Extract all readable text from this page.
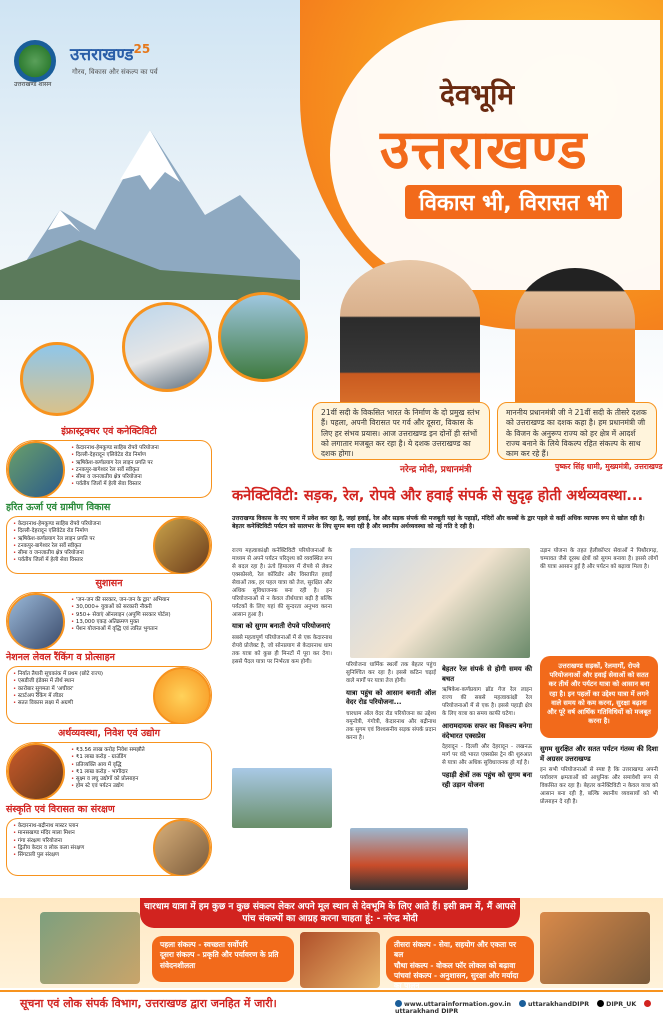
उत्तराखण्ड शासन
उत्तराखण्ड$^{25}$
गौरव, विकास और संकल्प का पर्व
देवभूमि
उत्तराखण्ड
विकास भी, विरासत भी
21वीं सदी के विकसित भारत के निर्माण के दो प्रमुख स्तंभ हैं। पहला, अपनी विरासत पर गर्व और दूसरा, विकास के लिए हर संभव प्रयास। आज उत्तराखण्ड इन दोनों ही स्तंभों को लगातार मजबूत कर रहा है। ये दशक उत्तराखण्ड का दशक होगा।
माननीय प्रधानमंत्री जी ने 21वीं सदी के तीसरे दशक को उत्तराखण्ड का दशक कहा है। हम प्रधानमंत्री जी के विजन के अनुरूप राज्य को हर क्षेत्र में आदर्श राज्य बनाने के लिये विकल्प रहित संकल्प के साथ काम कर रहे हैं।
नरेन्द्र मोदी, प्रधानमंत्री	पुष्कर सिंह धामी, मुख्यमंत्री, उत्तराखण्ड
इंफ्रास्ट्रक्चर एवं कनेक्टिविटी
• केदारनाथ-हेमकुण्ड साहिब रोपवे परियोजना
• दिल्ली-देहरादून एलिवेटेड रोड निर्माण
• ऋषिकेश-कर्णप्रयाग रेल लाइन प्रगति पर
• टनकपुर-बागेश्वर रेल सर्वे स्वीकृत
• सीमा व जनजातीय क्षेत्र परियोजना
• पर्वतीय जिलों में हेली सेवा विस्तार
हरित ऊर्जा एवं ग्रामीण विकास
• केदारनाथ-हेमकुण्ड साहिब रोपवे परियोजना
• दिल्ली-देहरादून एलिवेटेड रोड निर्माण
• ऋषिकेश-कर्णप्रयाग रेल लाइन प्रगति पर
• टनकपुर-बागेश्वर रेल सर्वे स्वीकृत
• सीमा व जनजातीय क्षेत्र परियोजना
• पर्वतीय जिलों में हेली सेवा विस्तार
सुशासन
• 'जन-जन की सरकार, जन-जन के द्वार' अभियान
• 30,000+ युवाओं को सरकारी नौकरी
• 950+ सेवाएं ऑनलाइन (अपुणि सरकार पोर्टल)
• 13,000 एकड़ अतिक्रमण मुक्त
• पेंशन योजनाओं में वृद्धि एवं त्वरित भुगतान
नेशनल लेवल रैंकिंग व प्रोत्साहन
• निर्यात तैयारी सूचकांक में प्रथम (छोटे राज्य)
• एसडीजी इंडेक्स में तीर्थ स्थान
• कारोबार सुगमता में 'अचीवर'
• स्टार्टअप रैंकिंग में लीडर
• सतत विकास लक्ष्य में अग्रणी
अर्थव्यवस्था, निवेश एवं उद्योग
• ₹3.56 लाख करोड़ निवेश समझौते
• ₹1 लाख करोड़ - ग्राउंडिंग
• प्रतिव्यक्ति आय में वृद्धि
• ₹1 लाख करोड़ - भागीदार
• सूक्ष्म व लघु उद्योगों को प्रोत्साहन
• होम स्टे एवं पर्यटन उद्योग
संस्कृति एवं विरासत का संरक्षण
• केदारनाथ-बद्रीनाथ मास्टर प्लान
• मानसखण्ड मंदिर माला मिशन
• गंगा संरक्षण परियोजना
• द्वितीय केदार व लोक कला संरक्षण
• सिंगटाली पुल संरक्षण
कनेक्टिविटी: सड़क, रेल, रोपवे और हवाई संपर्क से सुदृढ़ होती अर्थव्यवस्था...
उत्तराखण्ड विकास के नए चरण में प्रवेश कर रहा है, जहां हवाई, रेल और सड़क संपर्क की मजबूती यहां के पहाड़ों, मंदिरों और कस्बों के द्वार पहले से कहीं अधिक व्यापक रूप से खोल रही है। बेहतर कनेक्टिविटी पर्यटन को सालभर के लिए सुगम बना रही है और स्थानीय अर्थव्यवस्था को नई गति दे रही है।

राज्य महत्वाकांक्षी कनेक्टिविटी परियोजनाओं के माध्यम से अपने पर्यटन परिदृश्य को व्यवस्थित रूप से बदल रहा है। ऊंचे हिमालय में रोपवे से लेकर एक्सप्रेसवे, रेल कॉरिडोर और विस्तारित हवाई सेवाओं तक, हर पहल यात्रा को तेज, सुरक्षित और अधिक सुविधाजनक बना रही है। इन परियोजनाओं से न केवल तीर्थयात्रा बढ़ी है बल्कि पर्यटकों के लिए यहां की सुन्दरता अनुभव करना आसान हुआ है।

यात्रा को सुगम बनाती रोपवे परियोजनाएं

सबसे महत्वपूर्ण परियोजनाओं में से एक केदारनाथ रोपवे प्रोजेक्ट है, जो सोनप्रयाग से केदारनाथ धाम तक यात्रा को कुछ ही मिनटों में पूरा कर देगा। इससे पैदल यात्रा पर निर्भरता कम होगी।

परियोजना धार्मिक स्थलों तक बेहतर पहुंच सुनिश्चित कर रहा है। इससे कठिन चढ़ाई वाले मार्गों पर यात्रा तेज होगी।

यात्रा पहुंच को आसान बनाती ऑल वेदर रोड परियोजना...

चारधाम ऑल वेदर रोड परियोजना का उद्देश्य यमुनोत्री, गंगोत्री, केदारनाथ और बद्रीनाथ तक सुगम एवं विश्वसनीय सड़क संपर्क प्रदान करना है।

बेहतर रेल संपर्क से होगी समय की बचत

ऋषिकेश-कर्णप्रयाग ब्रॉड गेज रेल लाइन राज्य की सबसे महत्वाकांक्षी रेल परियोजनाओं में से एक है। इससे पहाड़ी क्षेत्र के लिए यात्रा का समय काफी घटेगा।

आरामदायक सफर का विकल्प बनेगा वंदेभारत एक्सप्रेस

देहरादून - दिल्ली और देहरादून - लखनऊ मार्ग पर वंदे भारत एक्सप्रेस ट्रेन की शुरुआत से यात्रा और अधिक सुविधाजनक हो गई है।

पहाड़ी क्षेत्रों तक पहुंच को सुगम बना रही उड़ान योजना
उड़ान योजना के तहत हेलीकॉप्टर सेवाओं ने पिथौरागढ़, चम्पावत जैसे दूरस्थ क्षेत्रों को सुगम बनाया है। इससे लोगों की यात्रा आसान हुई है और पर्यटन को बढ़ावा मिला है।
उत्तराखण्ड सड़कों, रेलमार्गों, रोपवे परियोजनाओं और हवाई सेवाओं को सतत कर तीर्थ और पर्यटन यात्रा को आसान बना रहा है। इन पहलों का उद्देश्य यात्रा में लगने वाले समय को कम करना, सुरक्षा बढ़ाना और पूरे वर्ष आर्थिक गतिविधियों को मजबूत करना है।
सुगम सुरक्षित और सतत पर्यटन गंतव्य की दिशा में अग्रसर उत्तराखण्ड

इन सभी परियोजनाओं से स्पष्ट है कि उत्तराखण्ड अपनी पर्यावरण क्षमताओं को आधुनिक और समावेशी रूप से विकसित कर रहा है। बेहतर कनेक्टिविटी न केवल यात्रा को आसान बना रही है, बल्कि स्थानीय व्यवसायों को भी प्रोत्साहन दे रही है।

चारधाम यात्रा में हम कुछ न कुछ संकल्प लेकर अपने मूल स्थान से देवभूमि के लिए आते हैं। इसी क्रम में, मैं आपसे पांच संकल्पों का आग्रह करना चाहता हूं: - नरेन्द्र मोदी
पहला संकल्प - स्वच्छता सर्वोपरि
दूसरा संकल्प - प्रकृति और पर्यावरण के प्रति संवेदनशीलता
तीसरा संकल्प - सेवा, सहयोग और एकता पर बल
चौथा संकल्प - वोकल फॉर लोकल को बढ़ावा
पांचवां संकल्प - अनुशासन, सुरक्षा और मर्यादा का पालन
सूचना एवं लोक संपर्क विभाग, उत्तराखण्ड द्वारा जनहित में जारी।	www.uttarainformation.gov.in	uttarakhandDIPR	DIPR_UK uttarakhand DIPR
